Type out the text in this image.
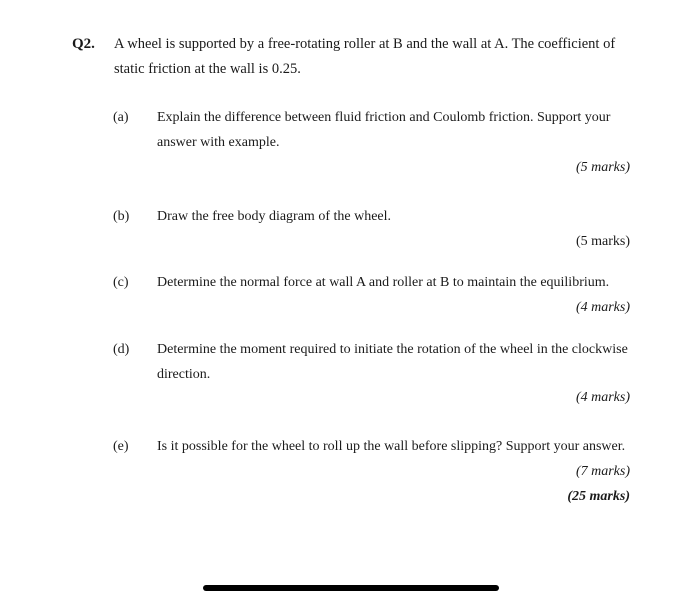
Q2. A wheel is supported by a free-rotating roller at B and the wall at A. The coefficient of
static friction at the wall is 0.25.
(a) Explain the difference between fluid friction and Coulomb friction. Support your
answer with example.
(5 marks)
(b) Draw the free body diagram of the wheel.
(5 marks)
(c) Determine the normal force at wall A and roller at B to maintain the equilibrium.
(4 marks)
(d) Determine the moment required to initiate the rotation of the wheel in the clockwise
direction.
(4 marks)
(e) Is it possible for the wheel to roll up the wall before slipping? Support your answer.
(7 marks)
(25 marks)
